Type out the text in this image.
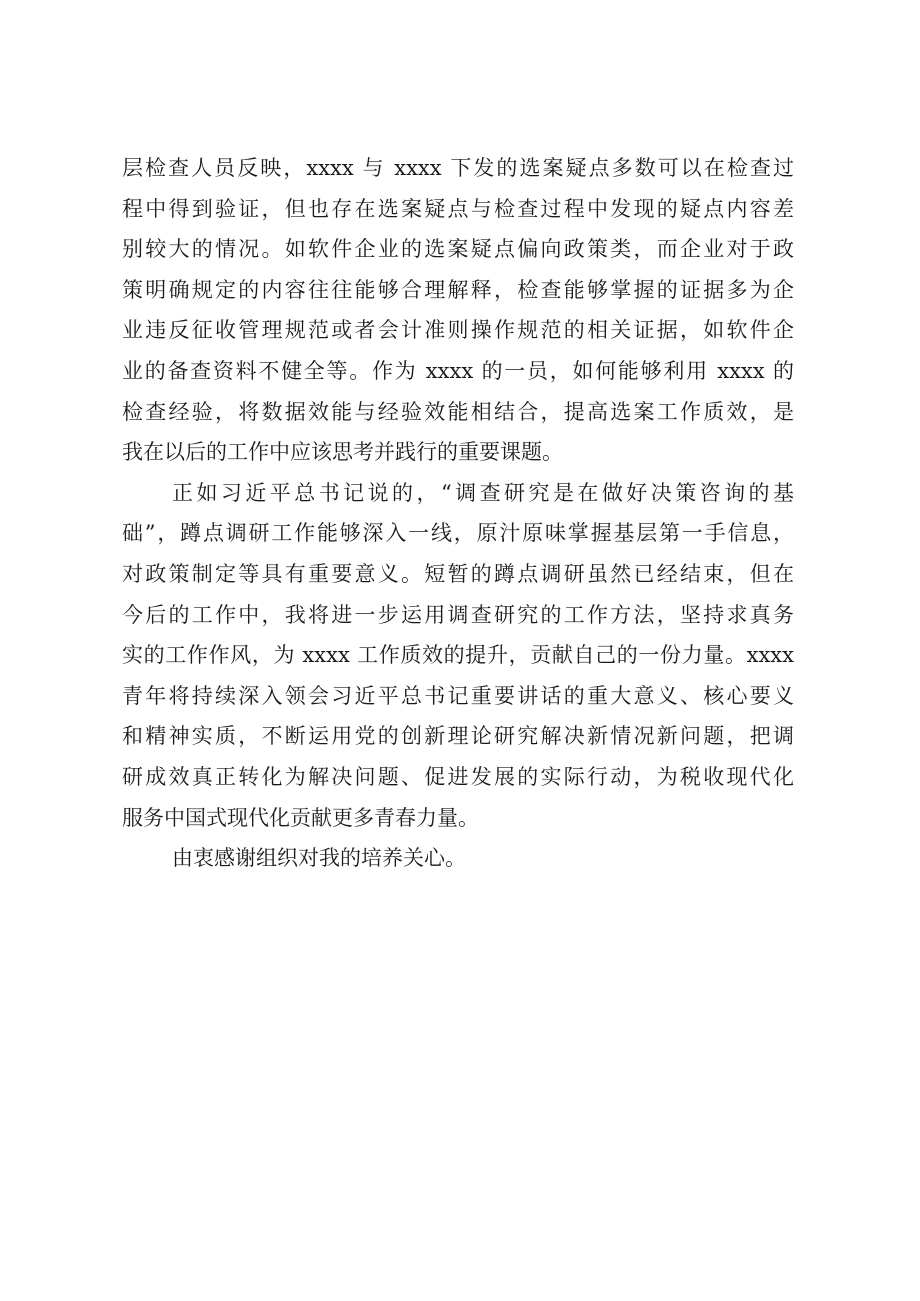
层检查人员反映，xxxx 与 xxxx 下发的选案疑点多数可以在检查过
程中得到验证，但也存在选案疑点与检查过程中发现的疑点内容差
别较大的情况。如软件企业的选案疑点偏向政策类，而企业对于政
策明确规定的内容往往能够合理解释，检查能够掌握的证据多为企
业违反征收管理规范或者会计准则操作规范的相关证据，如软件企
业的备查资料不健全等。作为 xxxx 的一员，如何能够利用 xxxx 的
检查经验，将数据效能与经验效能相结合，提高选案工作质效，是
我在以后的工作中应该思考并践行的重要课题。
正如习近平总书记说的，“调查研究是在做好决策咨询的基
础”，蹲点调研工作能够深入一线，原汁原味掌握基层第一手信息，
对政策制定等具有重要意义。短暂的蹲点调研虽然已经结束，但在
今后的工作中，我将进一步运用调查研究的工作方法，坚持求真务
实的工作作风，为 xxxx 工作质效的提升，贡献自己的一份力量。xxxx
青年将持续深入领会习近平总书记重要讲话的重大意义、核心要义
和精神实质，不断运用党的创新理论研究解决新情况新问题，把调
研成效真正转化为解决问题、促进发展的实际行动，为税收现代化
服务中国式现代化贡献更多青春力量。
由衷感谢组织对我的培养关心。
